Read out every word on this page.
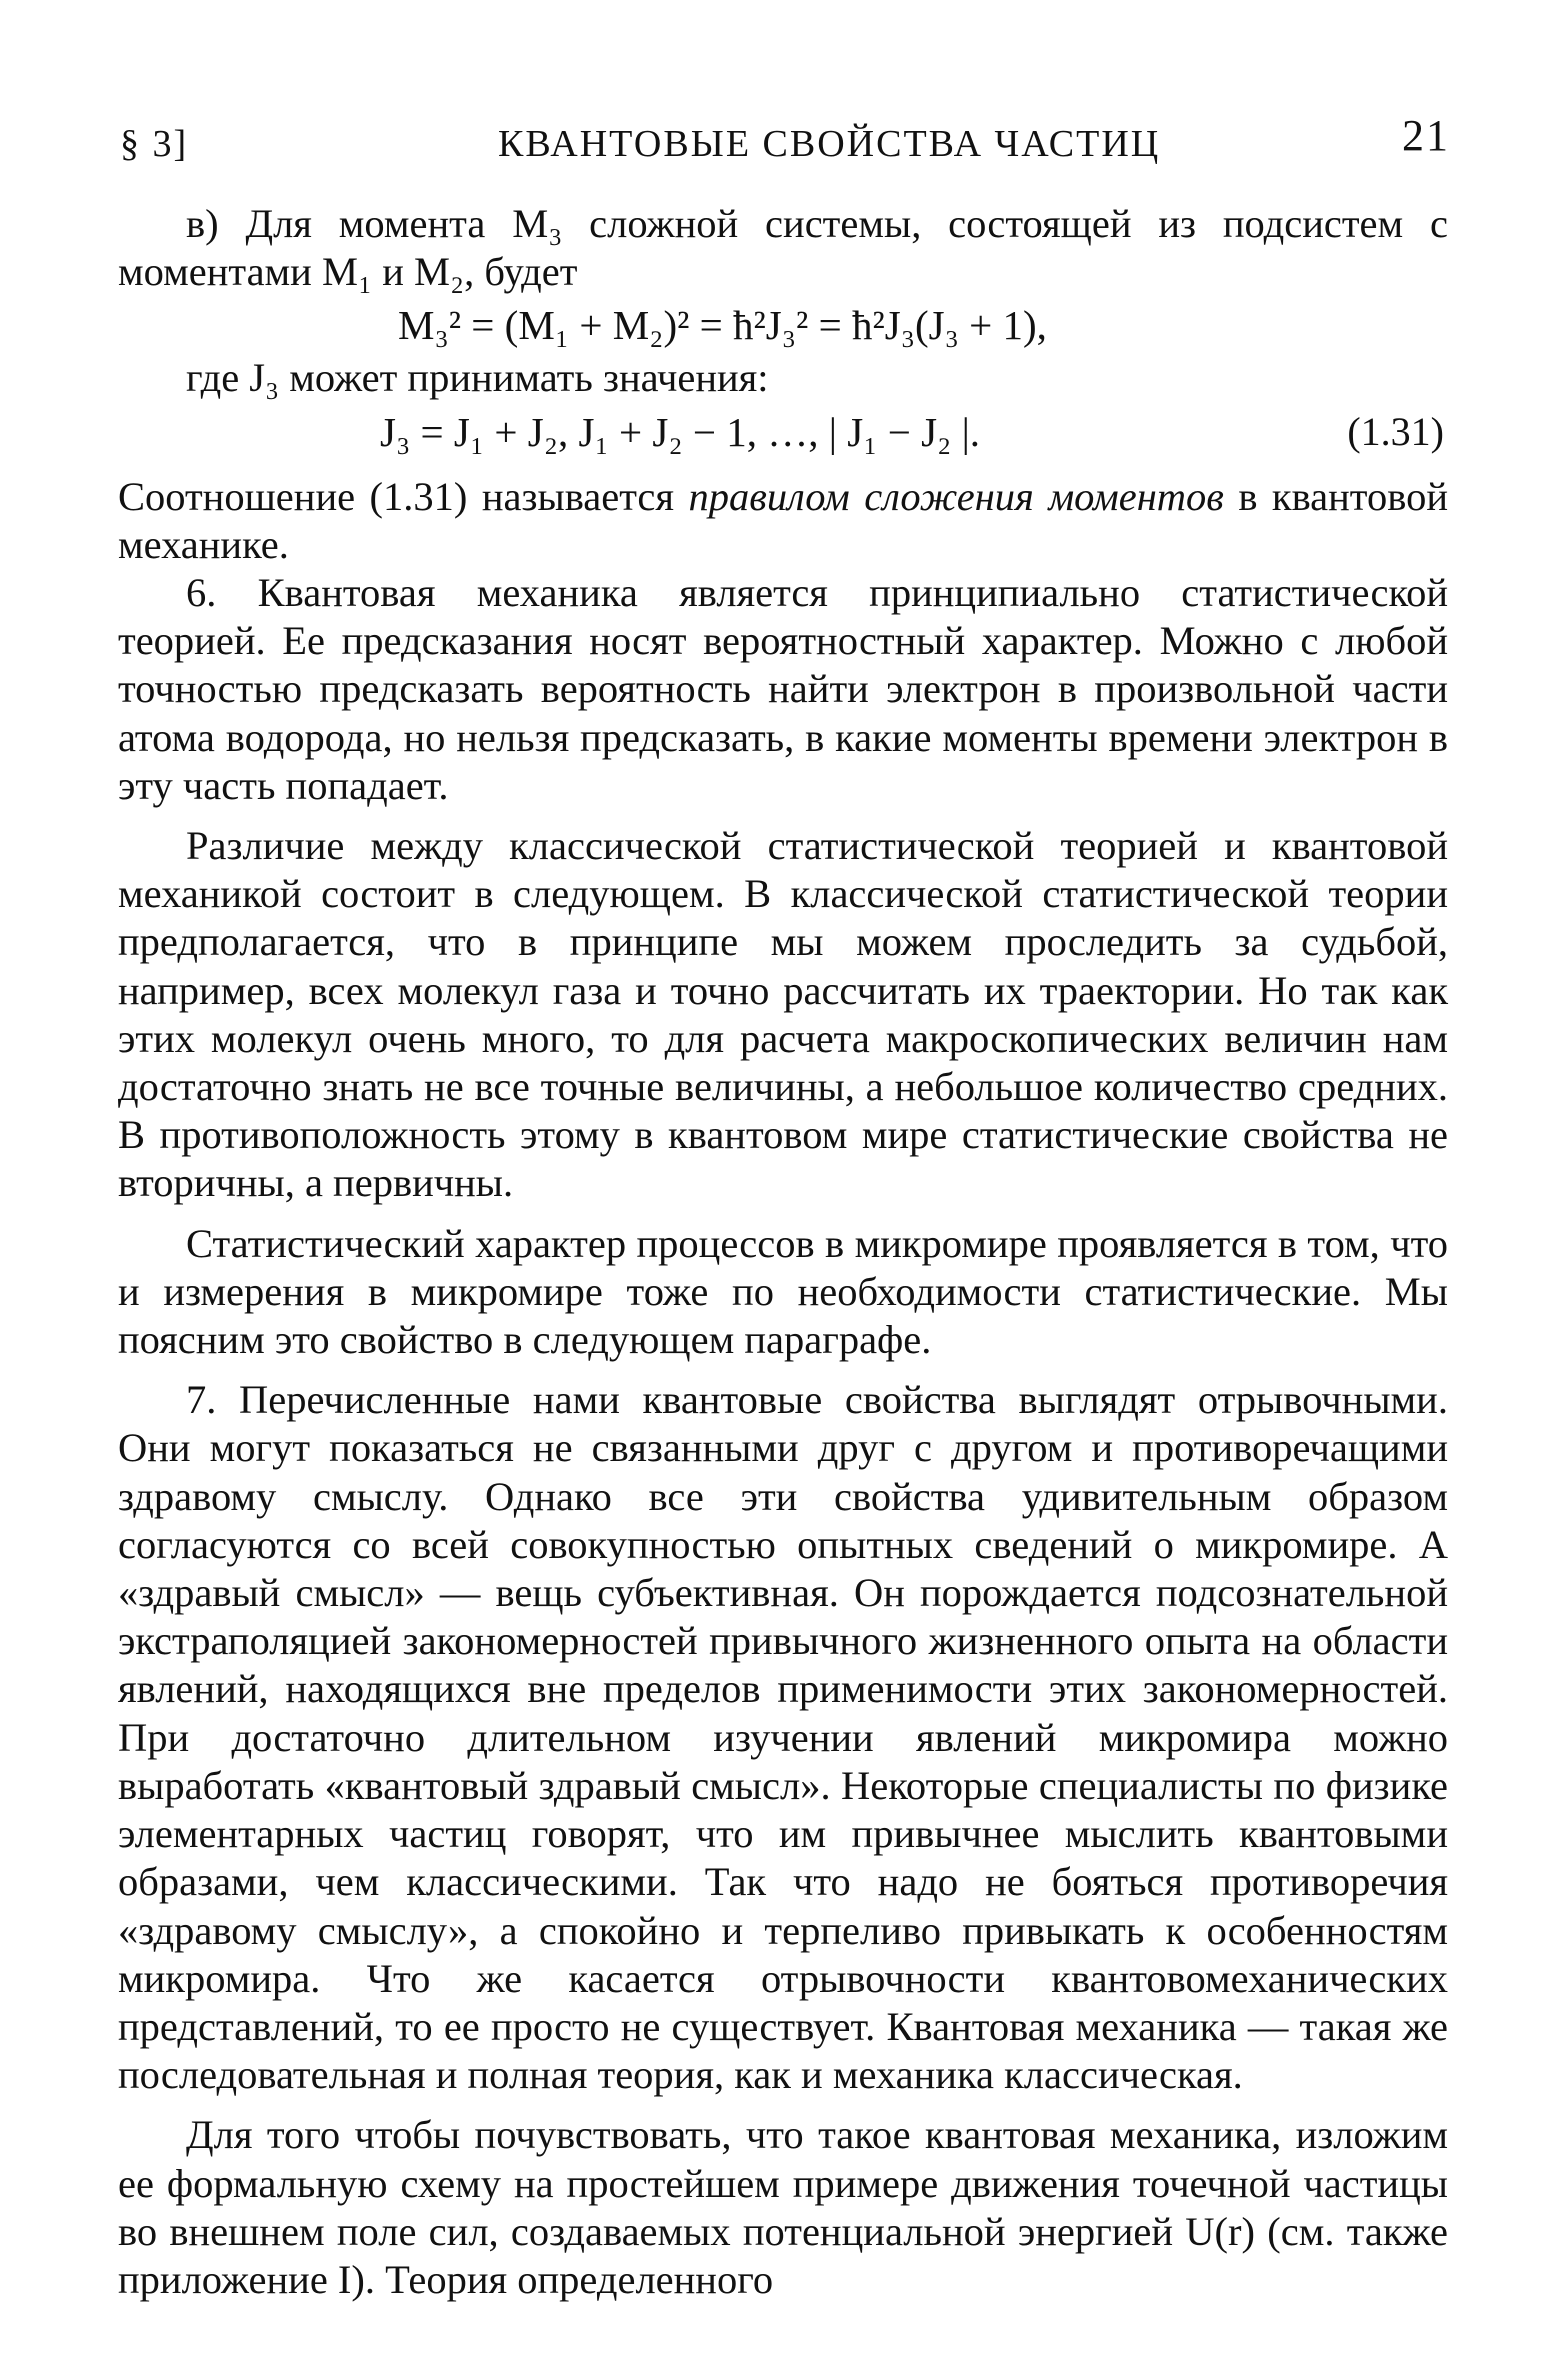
§ 3]	КВАНТОВЫЕ СВОЙСТВА ЧАСТИЦ	21

в) Для момента M₃ сложной системы, состоящей из подсистем с моментами M₁ и M₂, будет

M₃² = (M₁ + M₂)² = ħ²J₃² = ħ²J₃(J₃ + 1),

где J₃ может принимать значения:

J₃ = J₁ + J₂, J₁ + J₂ − 1, …, | J₁ − J₂ |.	(1.31)

Соотношение (1.31) называется правилом сложения моментов в квантовой механике.

6. Квантовая механика является принципиально статистической теорией. Ее предсказания носят вероятностный характер. Можно с любой точностью предсказать вероятность найти электрон в произвольной части атома водорода, но нельзя предсказать, в какие моменты времени электрон в эту часть попадает.

Различие между классической статистической теорией и квантовой механикой состоит в следующем. В классической статистической теории предполагается, что в принципе мы можем проследить за судьбой, например, всех молекул газа и точно рассчитать их траектории. Но так как этих молекул очень много, то для расчета макроскопических величин нам достаточно знать не все точные величины, а небольшое количество средних. В противоположность этому в квантовом мире статистические свойства не вторичны, а первичны.

Статистический характер процессов в микромире проявляется в том, что и измерения в микромире тоже по необходимости статистические. Мы поясним это свойство в следующем параграфе.

7. Перечисленные нами квантовые свойства выглядят отрывочными. Они могут показаться не связанными друг с другом и противоречащими здравому смыслу. Однако все эти свойства удивительным образом согласуются со всей совокупностью опытных сведений о микромире. А «здравый смысл» — вещь субъективная. Он порождается подсознательной экстраполяцией закономерностей привычного жизненного опыта на области явлений, находящихся вне пределов применимости этих закономерностей. При достаточно длительном изучении явлений микромира можно выработать «квантовый здравый смысл». Некоторые специалисты по физике элементарных частиц говорят, что им привычнее мыслить квантовыми образами, чем классическими. Так что надо не бояться противоречия «здравому смыслу», а спокойно и терпеливо привыкать к особенностям микромира. Что же касается отрывочности квантовомеханических представлений, то ее просто не существует. Квантовая механика — такая же последовательная и полная теория, как и механика классическая.

Для того чтобы почувствовать, что такое квантовая механика, изложим ее формальную схему на простейшем примере движения точечной частицы во внешнем поле сил, создаваемых потенциальной энергией U(r) (см. также приложение I). Теория определенного
